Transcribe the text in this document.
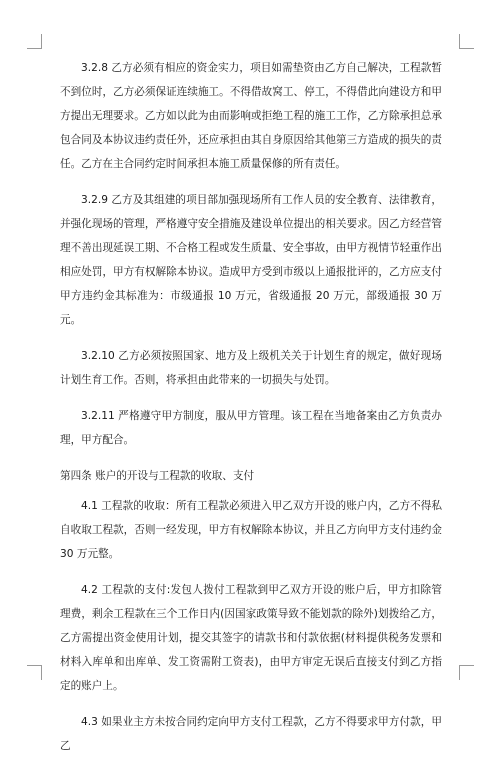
3.2.8 乙方必须有相应的资金实力，项目如需垫资由乙方自己解决，工程款暂不到位时，乙方必须保证连续施工。不得借故窝工、停工，不得借此向建设方和甲方提出无理要求。乙方如以此为由而影响或拒绝工程的施工工作，乙方除承担总承包合同及本协议违约责任外，还应承担由其自身原因给其他第三方造成的损失的责任。乙方在主合同约定时间承担本施工质量保修的所有责任。

3.2.9 乙方及其组建的项目部加强现场所有工作人员的安全教育、法律教育，并强化现场的管理，严格遵守安全措施及建设单位提出的相关要求。因乙方经营管理不善出现延误工期、不合格工程或发生质量、安全事故，由甲方视情节轻重作出相应处罚，甲方有权解除本协议。造成甲方受到市级以上通报批评的，乙方应支付甲方违约金其标准为：市级通报 10 万元，省级通报 20 万元，部级通报 30 万元。

3.2.10 乙方必须按照国家、地方及上级机关关于计划生育的规定，做好现场计划生育工作。否则，将承担由此带来的一切损失与处罚。

3.2.11 严格遵守甲方制度，服从甲方管理。该工程在当地备案由乙方负责办理，甲方配合。

第四条 账户的开设与工程款的收取、支付

4.1 工程款的收取：所有工程款必须进入甲乙双方开设的账户内，乙方不得私自收取工程款，否则一经发现，甲方有权解除本协议，并且乙方向甲方支付违约金 30 万元整。

4.2 工程款的支付:发包人拨付工程款到甲乙双方开设的账户后，甲方扣除管理费，剩余工程款在三个工作日内(因国家政策导致不能划款的除外)划拨给乙方，乙方需提出资金使用计划，提交其签字的请款书和付款依据(材料提供税务发票和材料入库单和出库单、发工资需附工资表)，由甲方审定无误后直接支付到乙方指定的账户上。

4.3 如果业主方未按合同约定向甲方支付工程款，乙方不得要求甲方付款，甲乙
